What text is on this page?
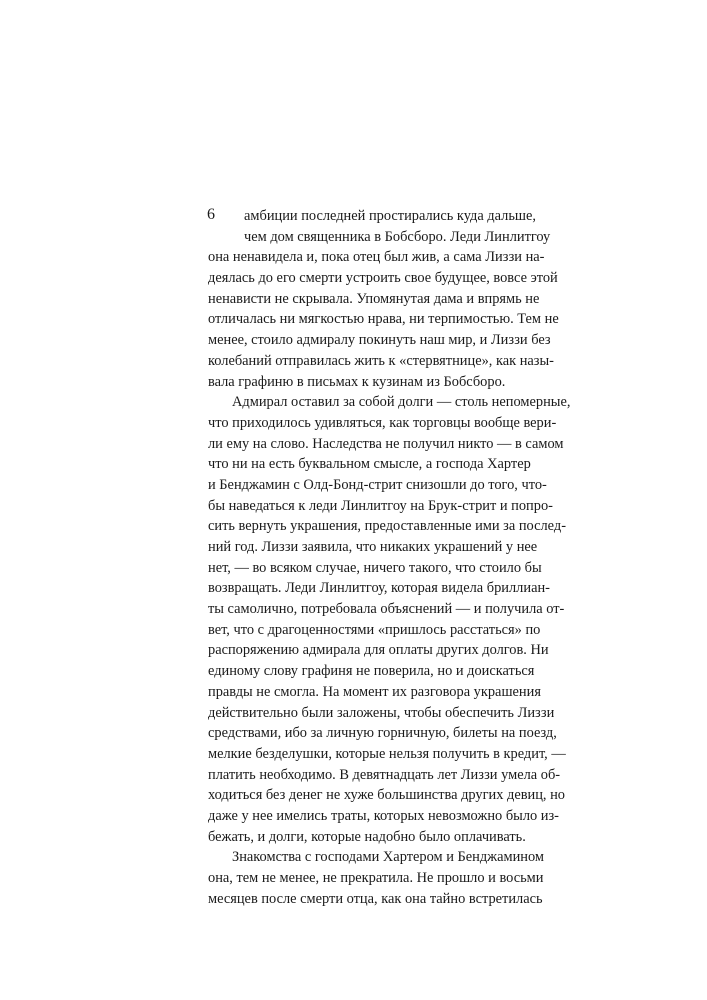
6	амбиции последней простирались куда дальше,
чем дом священника в Бобсборо. Леди Линлитгоу
она ненавидела и, пока отец был жив, а сама Лиззи на-
деялась до его смерти устроить свое будущее, вовсе этой
ненависти не скрывала. Упомянутая дама и впрямь не
отличалась ни мягкостью нрава, ни терпимостью. Тем не
менее, стоило адмиралу покинуть наш мир, и Лиззи без
колебаний отправилась жить к «стервятнице», как назы-
вала графиню в письмах к кузинам из Бобсборо.
Адмирал оставил за собой долги — столь непомерные,
что приходилось удивляться, как торговцы вообще вери-
ли ему на слово. Наследства не получил никто — в самом
что ни на есть буквальном смысле, а господа Хартер
и Бенджамин с Олд-Бонд-стрит снизошли до того, что-
бы наведаться к леди Линлитгоу на Брук-стрит и попро-
сить вернуть украшения, предоставленные ими за послед-
ний год. Лиззи заявила, что никаких украшений у нее
нет, — во всяком случае, ничего такого, что стоило бы
возвращать. Леди Линлитгоу, которая видела бриллиан-
ты самолично, потребовала объяснений — и получила от-
вет, что с драгоценностями «пришлось расстаться» по
распоряжению адмирала для оплаты других долгов. Ни
единому слову графиня не поверила, но и доискаться
правды не смогла. На момент их разговора украшения
действительно были заложены, чтобы обеспечить Лиззи
средствами, ибо за личную горничную, билеты на поезд,
мелкие безделушки, которые нельзя получить в кредит, —
платить необходимо. В девятнадцать лет Лиззи умела об-
ходиться без денег не хуже большинства других девиц, но
даже у нее имелись траты, которых невозможно было из-
бежать, и долги, которые надобно было оплачивать.
Знакомства с господами Хартером и Бенджамином
она, тем не менее, не прекратила. Не прошло и восьми
месяцев после смерти отца, как она тайно встретилась
